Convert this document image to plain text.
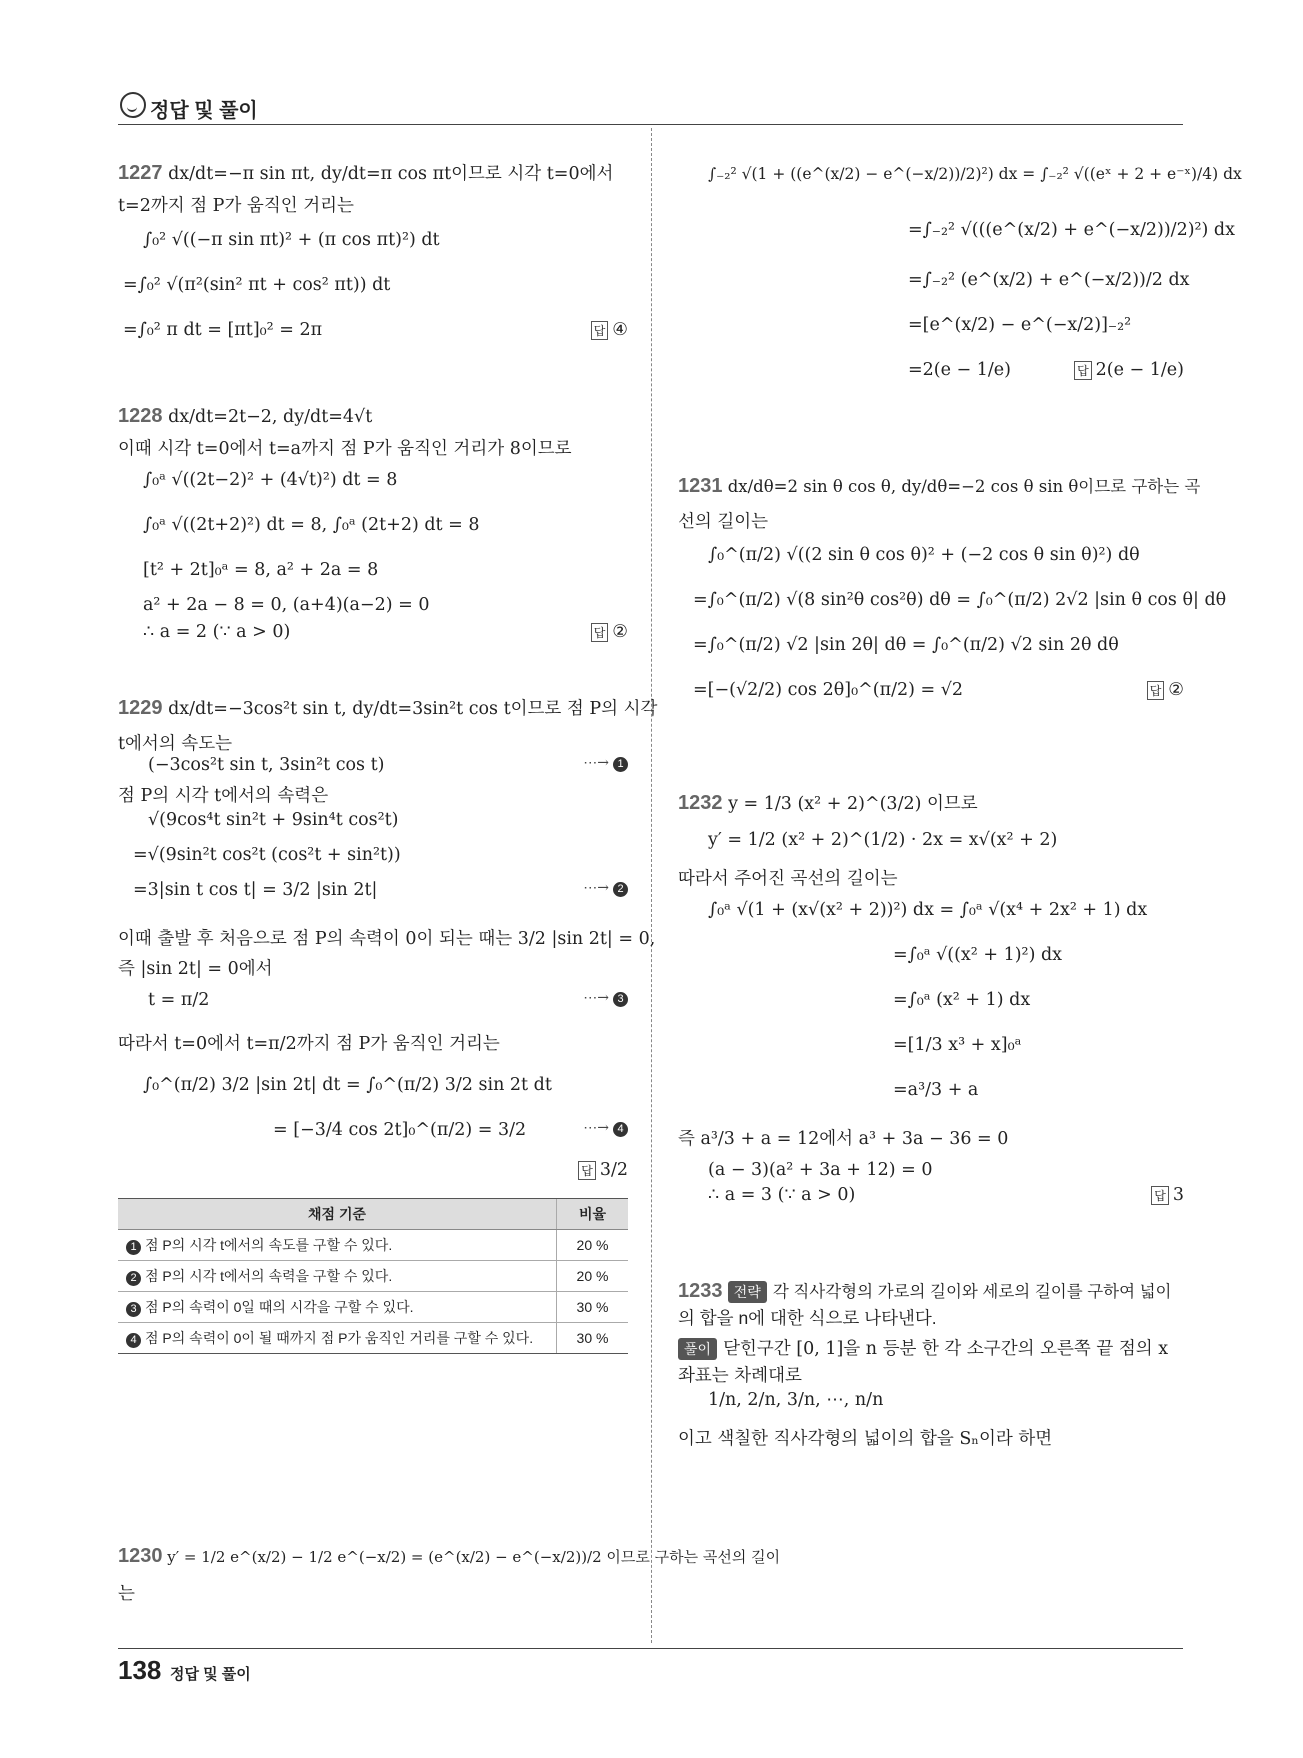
정답 및 풀이
1227 dx/dt=−π sin πt, dy/dt=π cos πt이므로 시각 t=0에서
t=2까지 점 P가 움직인 거리는
∫₀² √((−π sin πt)² + (π cos πt)²) dt
=∫₀² √(π²(sin² πt + cos² πt)) dt
=∫₀² π dt = [πt]₀² = 2π	답 ④
1228 dx/dt=2t−2, dy/dt=4√t
이때 시각 t=0에서 t=a까지 점 P가 움직인 거리가 8이므로
∫₀ᵃ √((2t−2)² + (4√t)²) dt = 8
∫₀ᵃ √((2t+2)²) dt = 8, ∫₀ᵃ (2t+2) dt = 8
[t² + 2t]₀ᵃ = 8, a² + 2a = 8
a² + 2a − 8 = 0, (a+4)(a−2) = 0
∴ a = 2 (∵ a > 0)	답 ②
1229 dx/dt=−3cos²t sin t, dy/dt=3sin²t cos t이므로 점 P의 시각
t에서의 속도는
(−3cos²t sin t, 3sin²t cos t)	⋯→ 1
점 P의 시각 t에서의 속력은
√(9cos⁴t sin²t + 9sin⁴t cos²t)
=√(9sin²t cos²t (cos²t + sin²t))
=3|sin t cos t| = 3/2 |sin 2t|	⋯→ 2
이때 출발 후 처음으로 점 P의 속력이 0이 되는 때는 3/2 |sin 2t| = 0,
즉 |sin 2t| = 0에서
t = π/2	⋯→ 3
따라서 t=0에서 t=π/2까지 점 P가 움직인 거리는
∫₀^(π/2) 3/2 |sin 2t| dt = ∫₀^(π/2) 3/2 sin 2t dt
= [−3/4 cos 2t]₀^(π/2) = 3/2	⋯→ 4
답 3/2
채점 기준	비율
1 점 P의 시각 t에서의 속도를 구할 수 있다.	20 %
2 점 P의 시각 t에서의 속력을 구할 수 있다.	20 %
3 점 P의 속력이 0일 때의 시각을 구할 수 있다.	30 %
4 점 P의 속력이 0이 될 때까지 점 P가 움직인 거리를 구할 수 있다.	30 %
1230 y′ = 1/2 e^(x/2) − 1/2 e^(−x/2) = (e^(x/2) − e^(−x/2))/2 이므로 구하는 곡선의 길이
는
∫₋₂² √(1 + ((e^(x/2) − e^(−x/2))/2)²) dx = ∫₋₂² √((eˣ + 2 + e⁻ˣ)/4) dx
=∫₋₂² √(((e^(x/2) + e^(−x/2))/2)²) dx
=∫₋₂² (e^(x/2) + e^(−x/2))/2 dx
=[e^(x/2) − e^(−x/2)]₋₂²
=2(e − 1/e)	답 2(e − 1/e)
1231 dx/dθ=2 sin θ cos θ, dy/dθ=−2 cos θ sin θ이므로 구하는 곡
선의 길이는
∫₀^(π/2) √((2 sin θ cos θ)² + (−2 cos θ sin θ)²) dθ
=∫₀^(π/2) √(8 sin²θ cos²θ) dθ = ∫₀^(π/2) 2√2 |sin θ cos θ| dθ
=∫₀^(π/2) √2 |sin 2θ| dθ = ∫₀^(π/2) √2 sin 2θ dθ
=[−(√2/2) cos 2θ]₀^(π/2) = √2	답 ②
1232 y = 1/3 (x² + 2)^(3/2) 이므로
y′ = 1/2 (x² + 2)^(1/2) · 2x = x√(x² + 2)
따라서 주어진 곡선의 길이는
∫₀ᵃ √(1 + (x√(x² + 2))²) dx = ∫₀ᵃ √(x⁴ + 2x² + 1) dx
=∫₀ᵃ √((x² + 1)²) dx
=∫₀ᵃ (x² + 1) dx
=[1/3 x³ + x]₀ᵃ
=a³/3 + a
즉 a³/3 + a = 12에서 a³ + 3a − 36 = 0
(a − 3)(a² + 3a + 12) = 0
∴ a = 3 (∵ a > 0)	답 3
1233 전략 각 직사각형의 가로의 길이와 세로의 길이를 구하여 넓이
의 합을 n에 대한 식으로 나타낸다.
풀이 닫힌구간 [0, 1]을 n 등분 한 각 소구간의 오른쪽 끝 점의 x
좌표는 차례대로
1/n, 2/n, 3/n, ⋯, n/n
이고 색칠한 직사각형의 넓이의 합을 Sₙ이라 하면
138 정답 및 풀이
